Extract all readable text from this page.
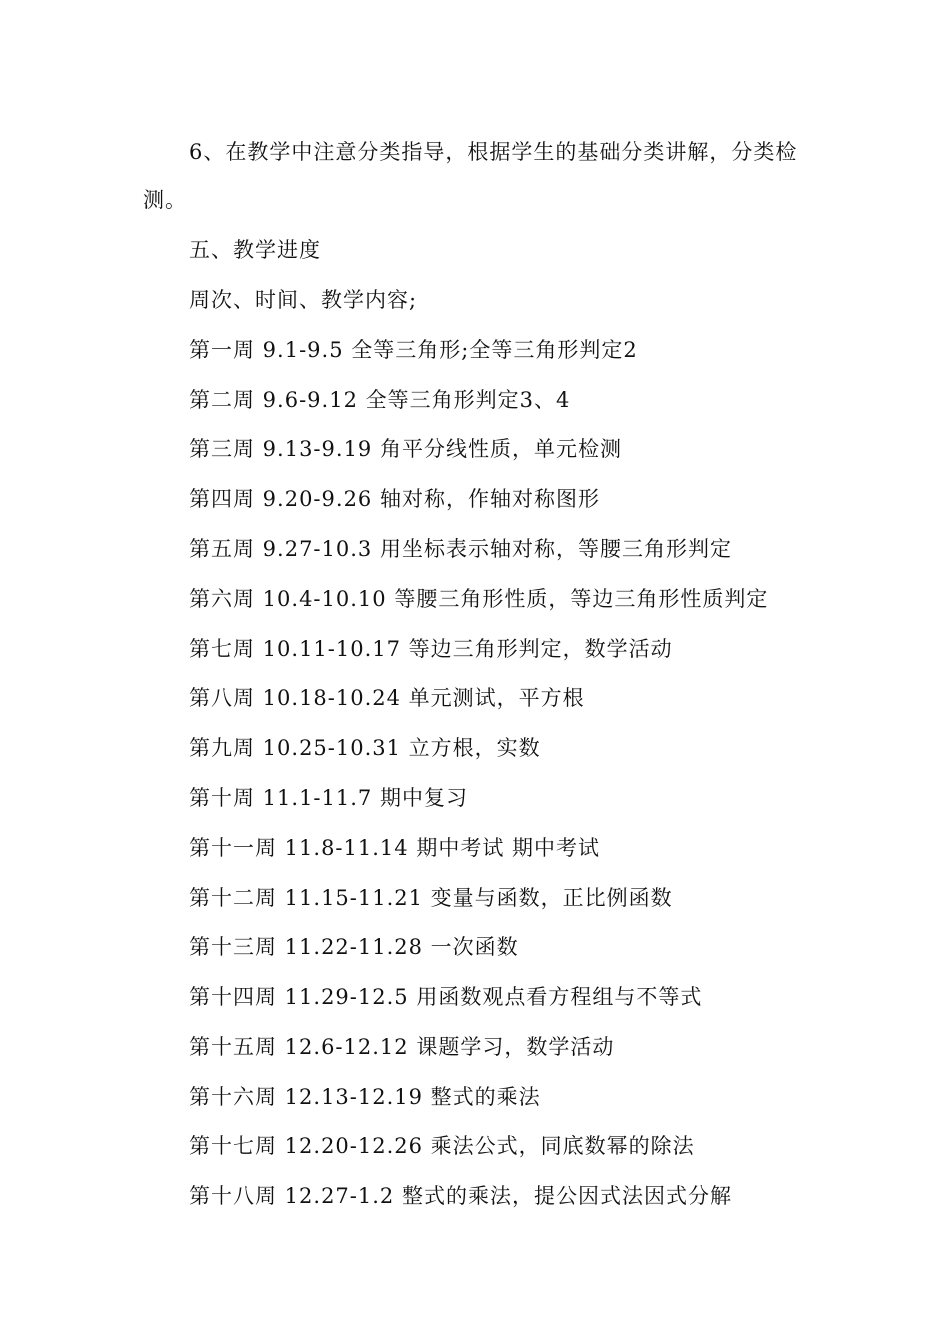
6、在教学中注意分类指导，根据学生的基础分类讲解，分类检测。

五、教学进度

周次、时间、教学内容;

第一周 9.1-9.5 全等三角形;全等三角形判定2

第二周 9.6-9.12 全等三角形判定3、4

第三周 9.13-9.19 角平分线性质，单元检测

第四周 9.20-9.26 轴对称，作轴对称图形

第五周 9.27-10.3 用坐标表示轴对称，等腰三角形判定

第六周 10.4-10.10 等腰三角形性质，等边三角形性质判定

第七周 10.11-10.17 等边三角形判定，数学活动

第八周 10.18-10.24 单元测试，平方根

第九周 10.25-10.31 立方根，实数

第十周 11.1-11.7 期中复习

第十一周 11.8-11.14 期中考试 期中考试

第十二周 11.15-11.21 变量与函数，正比例函数

第十三周 11.22-11.28 一次函数

第十四周 11.29-12.5 用函数观点看方程组与不等式

第十五周 12.6-12.12 课题学习，数学活动

第十六周 12.13-12.19 整式的乘法

第十七周 12.20-12.26 乘法公式，同底数幂的除法

第十八周 12.27-1.2 整式的乘法，提公因式法因式分解
